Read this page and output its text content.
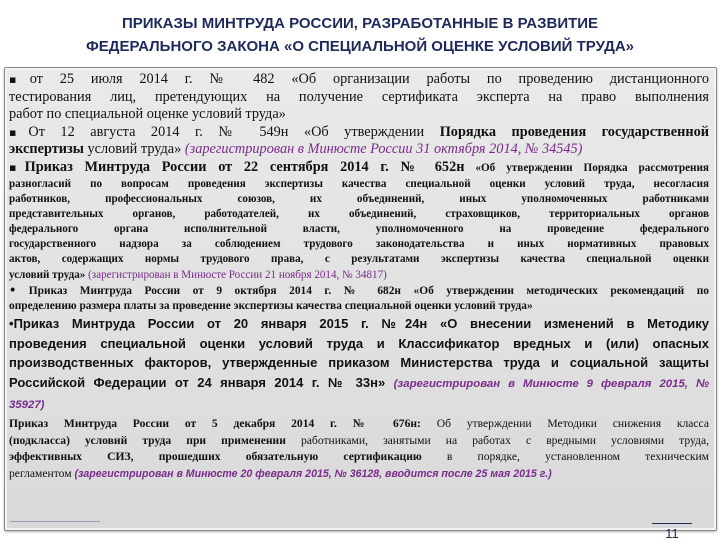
ПРИКАЗЫ МИНТРУДА РОССИИ, РАЗРАБОТАННЫЕ В РАЗВИТИЕ
ФЕДЕРАЛЬНОГО ЗАКОНА «О СПЕЦИАЛЬНОЙ ОЦЕНКЕ УСЛОВИЙ ТРУДА»

▪от 25 июля 2014 г. № 482 «Об организации работы по проведению дистанционного

тестирования лиц, претендующих на получение сертификата эксперта на право выполнения

работ по специальной оценке условий труда»

▪От 12 августа 2014 г. № 549н «Об утверждении Порядка проведения государственной

экспертизы условий труда» (зарегистрирован в Минюсте России 31 октября 2014, № 34545)

▪Приказ Минтруда России от 22 сентября 2014 г. № 652н «Об утверждении Порядка рассмотрения

разногласий по вопросам проведения экспертизы качества специальной оценки условий труда, несогласия

работников, профессиональных союзов, их объединений, иных уполномоченных работниками

представительных органов, работодателей, их объединений, страховщиков, территориальных органов

федерального органа исполнительной власти, уполномоченного на проведение федерального

государственного надзора за соблюдением трудового законодательства и иных нормативных правовых

актов, содержащих нормы трудового права, с результатами экспертизы качества специальной оценки

условий труда» (зарегистрирован в Минюсте России 21 ноября 2014, № 34817)

• Приказ Минтруда России от 9 октября 2014 г. № 682н «Об утверждении методических рекомендаций по

определению размера платы за проведение экспертизы качества специальной оценки условий труда»

•Приказ Минтруда России от 20 января 2015 г. №24н «О внесении изменений в Методику

проведения специальной оценки условий труда и Классификатор вредных и (или) опасных

производственных факторов, утвержденные приказом Министерства труда и социальной защиты

Российской Федерации от 24 января 2014 г. № 33н» (зарегистрирован в Минюсте 9 февраля 2015, №

35927)

Приказ Минтруда России от 5 декабря 2014 г. № 676н: Об утверждении Методики снижения класса

(подкласса) условий труда при применении работниками, занятыми на работах с вредными условиями труда,

эффективных СИЗ, прошедших обязательную сертификацию в порядке, установленном техническим

регламентом (зарегистрирован в Минюсте 20 февраля 2015, № 36128, вводится после 25 мая 2015 г.)

11
